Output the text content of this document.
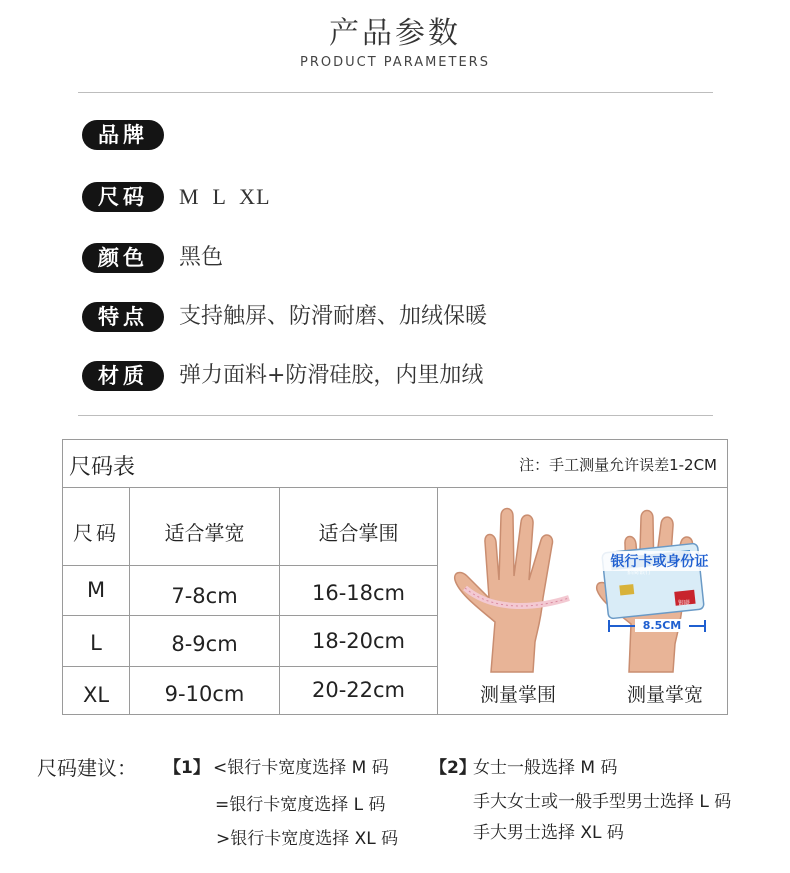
产品参数
PRODUCT PARAMETERS
品牌
尺码	M  L  XL
颜色	黑色
特点	支持触屏、防滑耐磨、加绒保暖
材质	弹力面料+防滑硅胶，内里加绒
尺码表	注：手工测量允许误差1-2CM
尺码	适合掌宽	适合掌围
M	7-8cm	16-18cm
L	8-9cm	18-20cm
XL	9-10cm	20-22cm	测量掌围
银行卡或身份证
招商银行
银联
8.5CM
测量掌宽
尺码建议： 【1】 <银行卡宽度选择 M 码
=银行卡宽度选择 L 码
>银行卡宽度选择 XL 码
【2】
女士一般选择 M 码
手大女士或一般手型男士选择 L 码
手大男士选择 XL 码
